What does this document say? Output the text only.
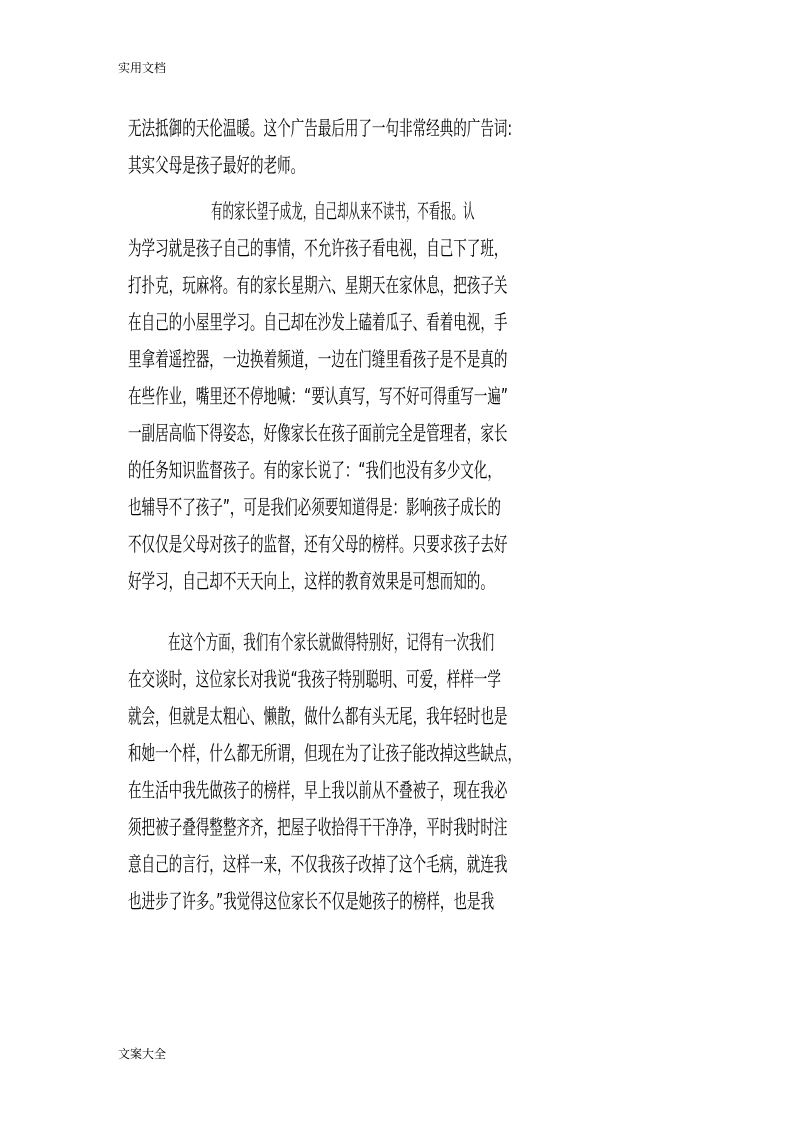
实用文档
无法抵御的天伦温暖。这个广告最后用了一句非常经典的广告词:
其实父母是孩子最好的老师。
有的家长望子成龙，自己却从来不读书，不看报。认
为学习就是孩子自己的事情，不允许孩子看电视，自己下了班，
打扑克，玩麻将。有的家长星期六、星期天在家休息，把孩子关
在自己的小屋里学习。自己却在沙发上磕着瓜子、看着电视，手
里拿着遥控器，一边换着频道，一边在门缝里看孩子是不是真的
在些作业，嘴里还不停地喊：“要认真写，写不好可得重写一遍”
一副居高临下得姿态，好像家长在孩子面前完全是管理者，家长
的任务知识监督孩子。有的家长说了：“我们也没有多少文化，
也辅导不了孩子”，可是我们必须要知道得是：影响孩子成长的
不仅仅是父母对孩子的监督，还有父母的榜样。只要求孩子去好
好学习，自己却不天天向上，这样的教育效果是可想而知的。
在这个方面，我们有个家长就做得特别好，记得有一次我们
在交谈时，这位家长对我说“我孩子特别聪明、可爱，样样一学
就会，但就是太粗心、懒散，做什么都有头无尾，我年轻时也是
和她一个样，什么都无所谓，但现在为了让孩子能改掉这些缺点，
在生活中我先做孩子的榜样，早上我以前从不叠被子，现在我必
须把被子叠得整整齐齐，把屋子收拾得干干净净，平时我时时注
意自己的言行，这样一来，不仅我孩子改掉了这个毛病，就连我
也进步了许多。”我觉得这位家长不仅是她孩子的榜样，也是我
文案大全
